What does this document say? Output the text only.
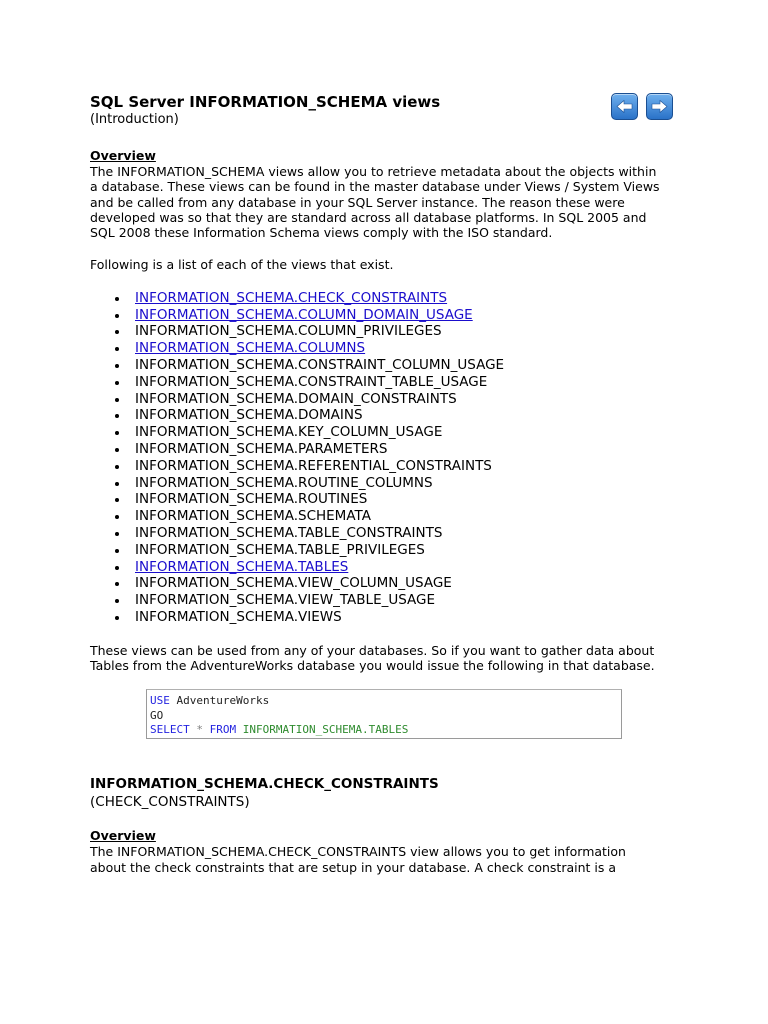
SQL Server INFORMATION_SCHEMA views

(Introduction)

Overview

The INFORMATION_SCHEMA views allow you to retrieve metadata about the objects within

a database. These views can be found in the master database under Views / System Views

and be called from any database in your SQL Server instance. The reason these were

developed was so that they are standard across all database platforms. In SQL 2005 and

SQL 2008 these Information Schema views comply with the ISO standard.

Following is a list of each of the views that exist.

INFORMATION_SCHEMA.CHECK_CONSTRAINTS
INFORMATION_SCHEMA.COLUMN_DOMAIN_USAGE
INFORMATION_SCHEMA.COLUMN_PRIVILEGES
INFORMATION_SCHEMA.COLUMNS
INFORMATION_SCHEMA.CONSTRAINT_COLUMN_USAGE
INFORMATION_SCHEMA.CONSTRAINT_TABLE_USAGE
INFORMATION_SCHEMA.DOMAIN_CONSTRAINTS
INFORMATION_SCHEMA.DOMAINS
INFORMATION_SCHEMA.KEY_COLUMN_USAGE
INFORMATION_SCHEMA.PARAMETERS
INFORMATION_SCHEMA.REFERENTIAL_CONSTRAINTS
INFORMATION_SCHEMA.ROUTINE_COLUMNS
INFORMATION_SCHEMA.ROUTINES
INFORMATION_SCHEMA.SCHEMATA
INFORMATION_SCHEMA.TABLE_CONSTRAINTS
INFORMATION_SCHEMA.TABLE_PRIVILEGES
INFORMATION_SCHEMA.TABLES
INFORMATION_SCHEMA.VIEW_COLUMN_USAGE
INFORMATION_SCHEMA.VIEW_TABLE_USAGE
INFORMATION_SCHEMA.VIEWS

These views can be used from any of your databases. So if you want to gather data about

Tables from the AdventureWorks database you would issue the following in that database.

USE AdventureWorks
GO
SELECT * FROM INFORMATION_SCHEMA.TABLES
INFORMATION_SCHEMA.CHECK_CONSTRAINTS

(CHECK_CONSTRAINTS)

Overview

The INFORMATION_SCHEMA.CHECK_CONSTRAINTS view allows you to get information

about the check constraints that are setup in your database. A check constraint is a
